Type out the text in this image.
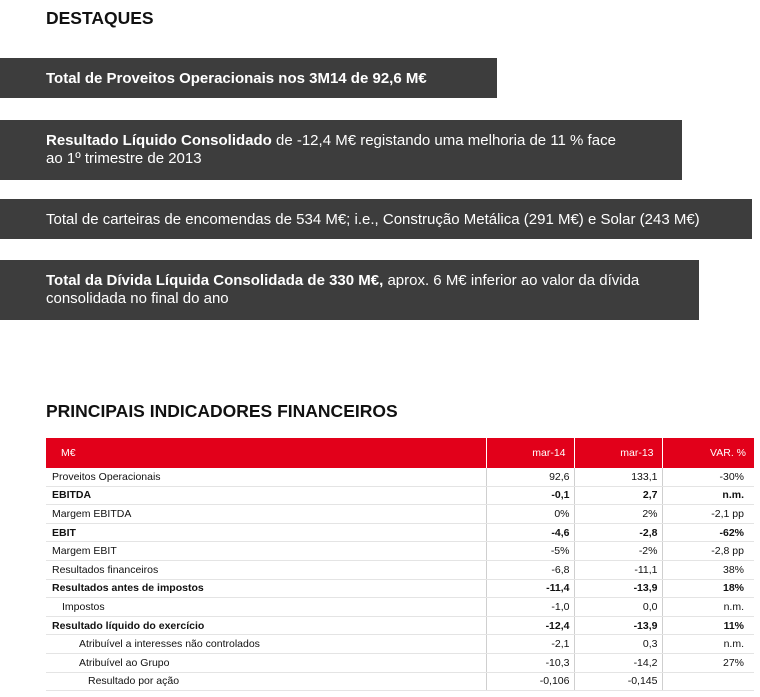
DESTAQUES
Total de Proveitos Operacionais nos 3M14 de 92,6 M€
Resultado Líquido Consolidado de -12,4 M€ registando uma melhoria de 11 % face
ao 1º trimestre de 2013
Total de carteiras de encomendas de 534 M€; i.e., Construção Metálica (291 M€) e Solar (243 M€)
Total da Dívida Líquida Consolidada de 330 M€, aprox. 6 M€ inferior ao valor da dívida
consolidada no final do ano
PRINCIPAIS INDICADORES FINANCEIROS
M€	mar-14	mar-13	VAR. %
Proveitos Operacionais	92,6	133,1	-30%
EBITDA	-0,1	2,7	n.m.
Margem EBITDA	0%	2%	-2,1 pp
EBIT	-4,6	-2,8	-62%
Margem EBIT	-5%	-2%	-2,8 pp
Resultados financeiros	-6,8	-11,1	38%
Resultados antes de impostos	-11,4	-13,9	18%
Impostos	-1,0	0,0	n.m.
Resultado líquido do exercício	-12,4	-13,9	11%
Atribuível a interesses não controlados	-2,1	0,3	n.m.
Atribuível ao Grupo	-10,3	-14,2	27%
Resultado por ação	-0,106	-0,145	
